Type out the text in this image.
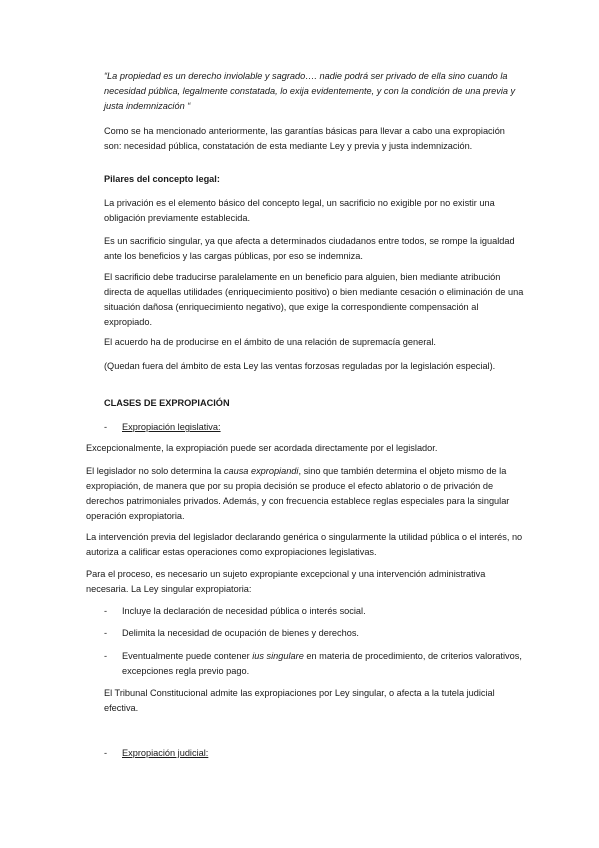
“La propiedad es un derecho inviolable y sagrado…. nadie podrá ser privado de ella sino cuando la necesidad pública, legalmente constatada, lo exija evidentemente, y con la condición de una previa y justa indemnización “

Como se ha mencionado anteriormente, las garantías básicas para llevar a cabo una expropiación son: necesidad pública, constatación de esta mediante Ley y previa y justa indemnización.

Pilares del concepto legal:

La privación es el elemento básico del concepto legal, un sacrificio no exigible por no existir una obligación previamente establecida.

Es un sacrificio singular, ya que afecta a determinados ciudadanos entre todos, se rompe la igualdad ante los beneficios y las cargas públicas, por eso se indemniza.

El sacrificio debe traducirse paralelamente en un beneficio para alguien, bien mediante atribución directa de aquellas utilidades (enriquecimiento positivo) o bien mediante cesación o eliminación de una situación dañosa (enriquecimiento negativo), que exige la correspondiente compensación al expropiado.

El acuerdo ha de producirse en el ámbito de una relación de supremacía general.

(Quedan fuera del ámbito de esta Ley las ventas forzosas reguladas por la legislación especial).

CLASES DE EXPROPIACIÓN

- Expropiación legislativa:

Excepcionalmente, la expropiación puede ser acordada directamente por el legislador.

El legislador no solo determina la causa expropiandi, sino que también determina el objeto mismo de la expropiación, de manera que por su propia decisión se produce el efecto ablatorio o de privación de derechos patrimoniales privados. Además, y con frecuencia establece reglas especiales para la singular operación expropiatoria.

La intervención previa del legislador declarando genérica o singularmente la utilidad pública o el interés, no autoriza a calificar estas operaciones como expropiaciones legislativas.

Para el proceso, es necesario un sujeto expropiante excepcional y una intervención administrativa necesaria. La Ley singular expropiatoria:

- Incluye la declaración de necesidad pública o interés social.

- Delimita la necesidad de ocupación de bienes y derechos.

- Eventualmente puede contener ius singulare en materia de procedimiento, de criterios valorativos, excepciones regla previo pago.

El Tribunal Constitucional admite las expropiaciones por Ley singular, o afecta a la tutela judicial efectiva.

- Expropiación judicial:
